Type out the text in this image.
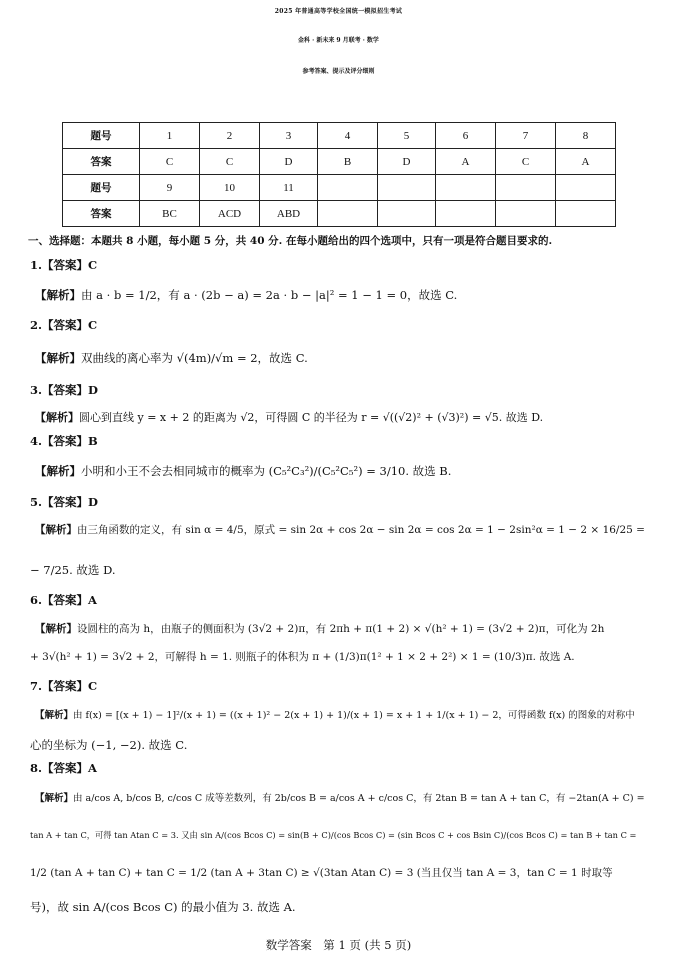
2025 年普通高等学校全国统一模拟招生考试
金科 · 新未来 9 月联考 · 数学
参考答案、提示及评分细则
题号	1	2	3	4	5	6	7	8
答案	C	C	D	B	D	A	C	A
题号	9	10	11					
答案	BC	ACD	ABD					
一、选择题：本题共 8 小题，每小题 5 分，共 40 分. 在每小题给出的四个选项中，只有一项是符合题目要求的.
1.【答案】C
【解析】由 a · b = 1/2，有 a · (2b − a) = 2a · b − |a|² = 1 − 1 = 0，故选 C.
2.【答案】C
【解析】双曲线的离心率为 √(4m)/√m = 2，故选 C.
3.【答案】D
【解析】圆心到直线 y = x + 2 的距离为 √2，可得圆 C 的半径为 r = √((√2)² + (√3)²) = √5. 故选 D.
4.【答案】B
【解析】小明和小王不会去相同城市的概率为 (C₅²C₃²)/(C₅²C₅²) = 3/10. 故选 B.
5.【答案】D
【解析】由三角函数的定义，有 sin α = 4/5，原式 = sin 2α + cos 2α − sin 2α = cos 2α = 1 − 2sin²α = 1 − 2 × 16/25 =
− 7/25. 故选 D.
6.【答案】A
【解析】设圆柱的高为 h，由瓶子的侧面积为 (3√2 + 2)π，有 2πh + π(1 + 2) × √(h² + 1) = (3√2 + 2)π，可化为 2h
+ 3√(h² + 1) = 3√2 + 2，可解得 h = 1. 则瓶子的体积为 π + (1/3)π(1² + 1 × 2 + 2²) × 1 = (10/3)π. 故选 A.
7.【答案】C
【解析】由 f(x) = [(x + 1) − 1]²/(x + 1) = ((x + 1)² − 2(x + 1) + 1)/(x + 1) = x + 1 + 1/(x + 1) − 2，可得函数 f(x) 的图象的对称中
心的坐标为 (−1, −2). 故选 C.
8.【答案】A
【解析】由 a/cos A, b/cos B, c/cos C 成等差数列，有 2b/cos B = a/cos A + c/cos C，有 2tan B = tan A + tan C，有 −2tan(A + C) =
tan A + tan C，可得 tan Atan C = 3. 又由 sin A/(cos Bcos C) = sin(B + C)/(cos Bcos C) = (sin Bcos C + cos Bsin C)/(cos Bcos C) = tan B + tan C =
1/2 (tan A + tan C) + tan C = 1/2 (tan A + 3tan C) ≥ √(3tan Atan C) = 3 (当且仅当 tan A = 3，tan C = 1 时取等
号)，故 sin A/(cos Bcos C) 的最小值为 3. 故选 A.
数学答案　第 1 页 (共 5 页)
